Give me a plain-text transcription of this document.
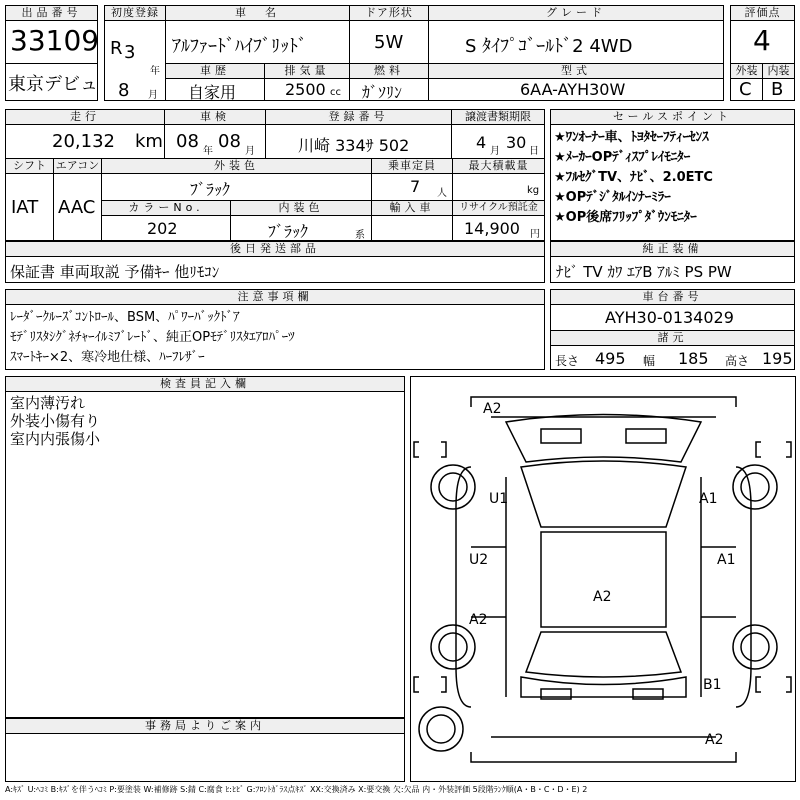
出品番号
33109
東京デビュ
初度登録
R 3
年
8 月
車　名
ｱﾙﾌｧｰﾄﾞﾊｲﾌﾞﾘｯﾄﾞ
ドア形状
5W
グレード
S ﾀｲﾌﾟｺﾞｰﾙﾄﾞ2 4WD
評価点
4
車歴
自家用
排気量
2500 cc
燃料
ｶﾞｿﾘﾝ
型式
6AA-AYH30W
外装 内装
C B
走行
20,132 km
車検
08 年 08 月
登録番号
川崎 334ｻ 502
譲渡書類期限
4 月 30 日
シフト
IAT
エアコン
AAC
外装色
ﾌﾞﾗｯｸ
乗車定員
7 人
最大積載量
kg
カラーNo.
202
内装色
ﾌﾞﾗｯｸ	系
輸入車	リサイクル預託金
14,900 円
セールスポイント
★ﾜﾝｵｰﾅｰ車、ﾄﾖﾀｾｰﾌﾃｨｰｾﾝｽ
★ﾒｰｶｰOPﾃﾞｨｽﾌﾟﾚｲﾓﾆﾀｰ
★ﾌﾙｾｸﾞTV、ﾅﾋﾞ、2.0ETC
★OPﾃﾞｼﾞﾀﾙｲﾝﾅｰﾐﾗｰ
★OP後席ﾌﾘｯﾌﾟﾀﾞｳﾝﾓﾆﾀｰ
後日発送部品
保証書 車両取説 予備ｷｰ 他ﾘﾓｺﾝ
純正装備
ﾅﾋﾞ TV ｶﾜ ｴｱB ｱﾙﾐ PS PW
注意事項欄
ﾚｰﾀﾞｰｸﾙｰｽﾞｺﾝﾄﾛｰﾙ、BSM、ﾊﾟﾜｰﾊﾞｯｸﾄﾞｱ
ﾓﾃﾞﾘｽﾀｼｸﾞﾈﾁｬｰｲﾙﾐﾌﾞﾚｰﾄﾞ、純正OPﾓﾃﾞﾘｽﾀｴｱﾛﾊﾟｰﾂ
ｽﾏｰﾄｷｰ×2、寒冷地仕様、ﾊｰﾌﾚｻﾞｰ
車台番号
AYH30-0134029
諸元
長さ 495 幅 185 高さ 195
検査員記入欄
室内薄汚れ
外装小傷有り
室内内張傷小
事務局よりご案内
A2
U1	A1
U2	A1
A2
A2
B1
A2
A:ｷｽﾞ U:ﾍｺﾐ B:ｷｽﾞを伴うﾍｺﾐ P:要塗装 W:補修跡 S:錆 C:腐食 ﾋ:ﾋﾋﾞ G:ﾌﾛﾝﾄｶﾞﾗｽ点ｷｽﾞ XX:交換済み X:要交換 欠:欠品 内・外装評価 5段階ﾗﾝｸ順(A・B・C・D・E) 2
